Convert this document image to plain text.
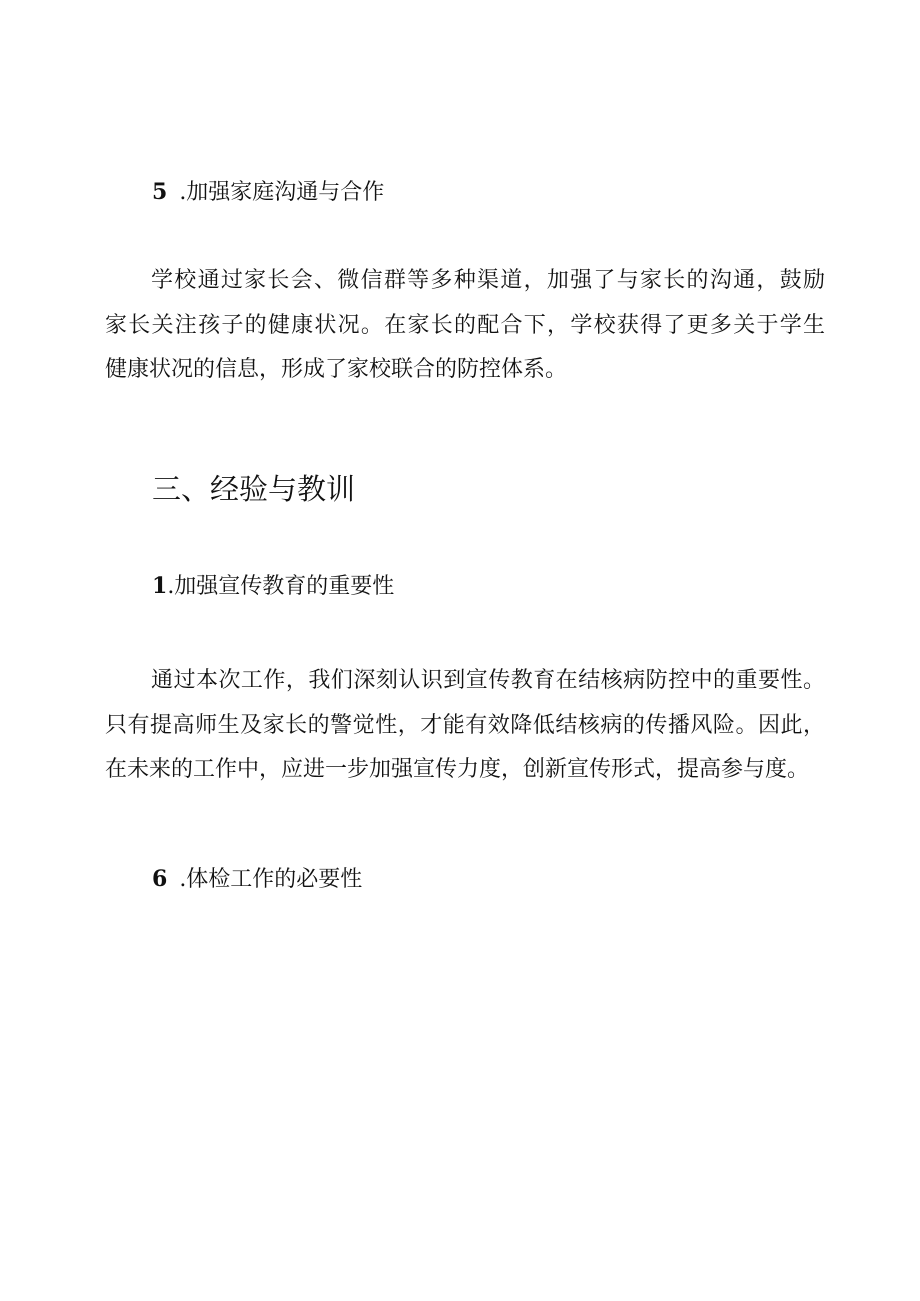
5 .加强家庭沟通与合作
学校通过家长会、微信群等多种渠道，加强了与家长的沟通，鼓励
家长关注孩子的健康状况。在家长的配合下，学校获得了更多关于学生
健康状况的信息，形成了家校联合的防控体系。
三、经验与教训
1.加强宣传教育的重要性
通过本次工作，我们深刻认识到宣传教育在结核病防控中的重要性。
只有提高师生及家长的警觉性，才能有效降低结核病的传播风险。因此，
在未来的工作中，应进一步加强宣传力度，创新宣传形式，提高参与度。
6 .体检工作的必要性
